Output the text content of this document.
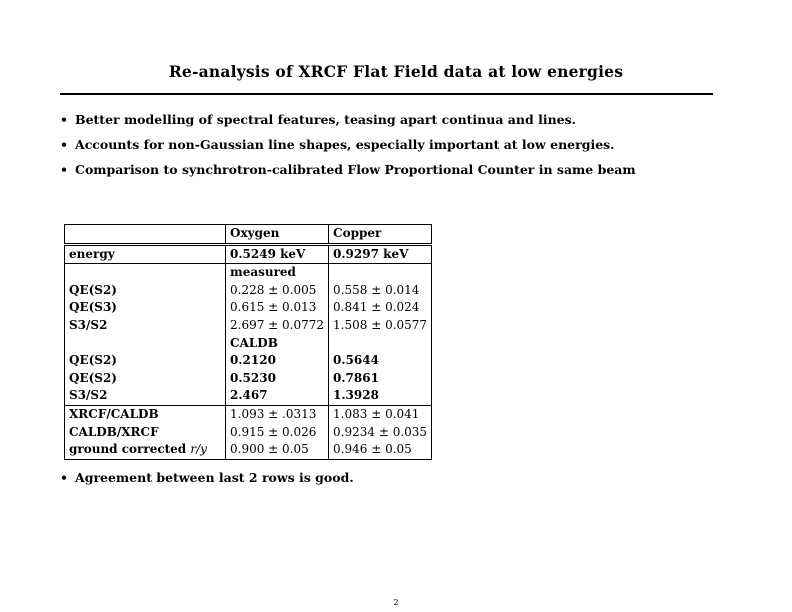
Re-analysis of XRCF Flat Field data at low energies
• Better modelling of spectral features, teasing apart continua and lines.
• Accounts for non-Gaussian line shapes, especially important at low energies.
• Comparison to synchrotron-calibrated Flow Proportional Counter in same beam
	Oxygen	Copper
energy	0.5249 keV	0.9297 keV
	measured	
QE(S2)	0.228 ± 0.005	0.558 ± 0.014
QE(S3)	0.615 ± 0.013	0.841 ± 0.024
S3/S2	2.697 ± 0.0772	1.508 ± 0.0577
	CALDB	
QE(S2)	0.2120	0.5644
QE(S2)	0.5230	0.7861
S3/S2	2.467	1.3928
XRCF/CALDB	1.093 ± .0313	1.083 ± 0.041
CALDB/XRCF	0.915 ± 0.026	0.9234 ± 0.035
ground corrected r/y	0.900 ± 0.05	0.946 ± 0.05
• Agreement between last 2 rows is good.
2
